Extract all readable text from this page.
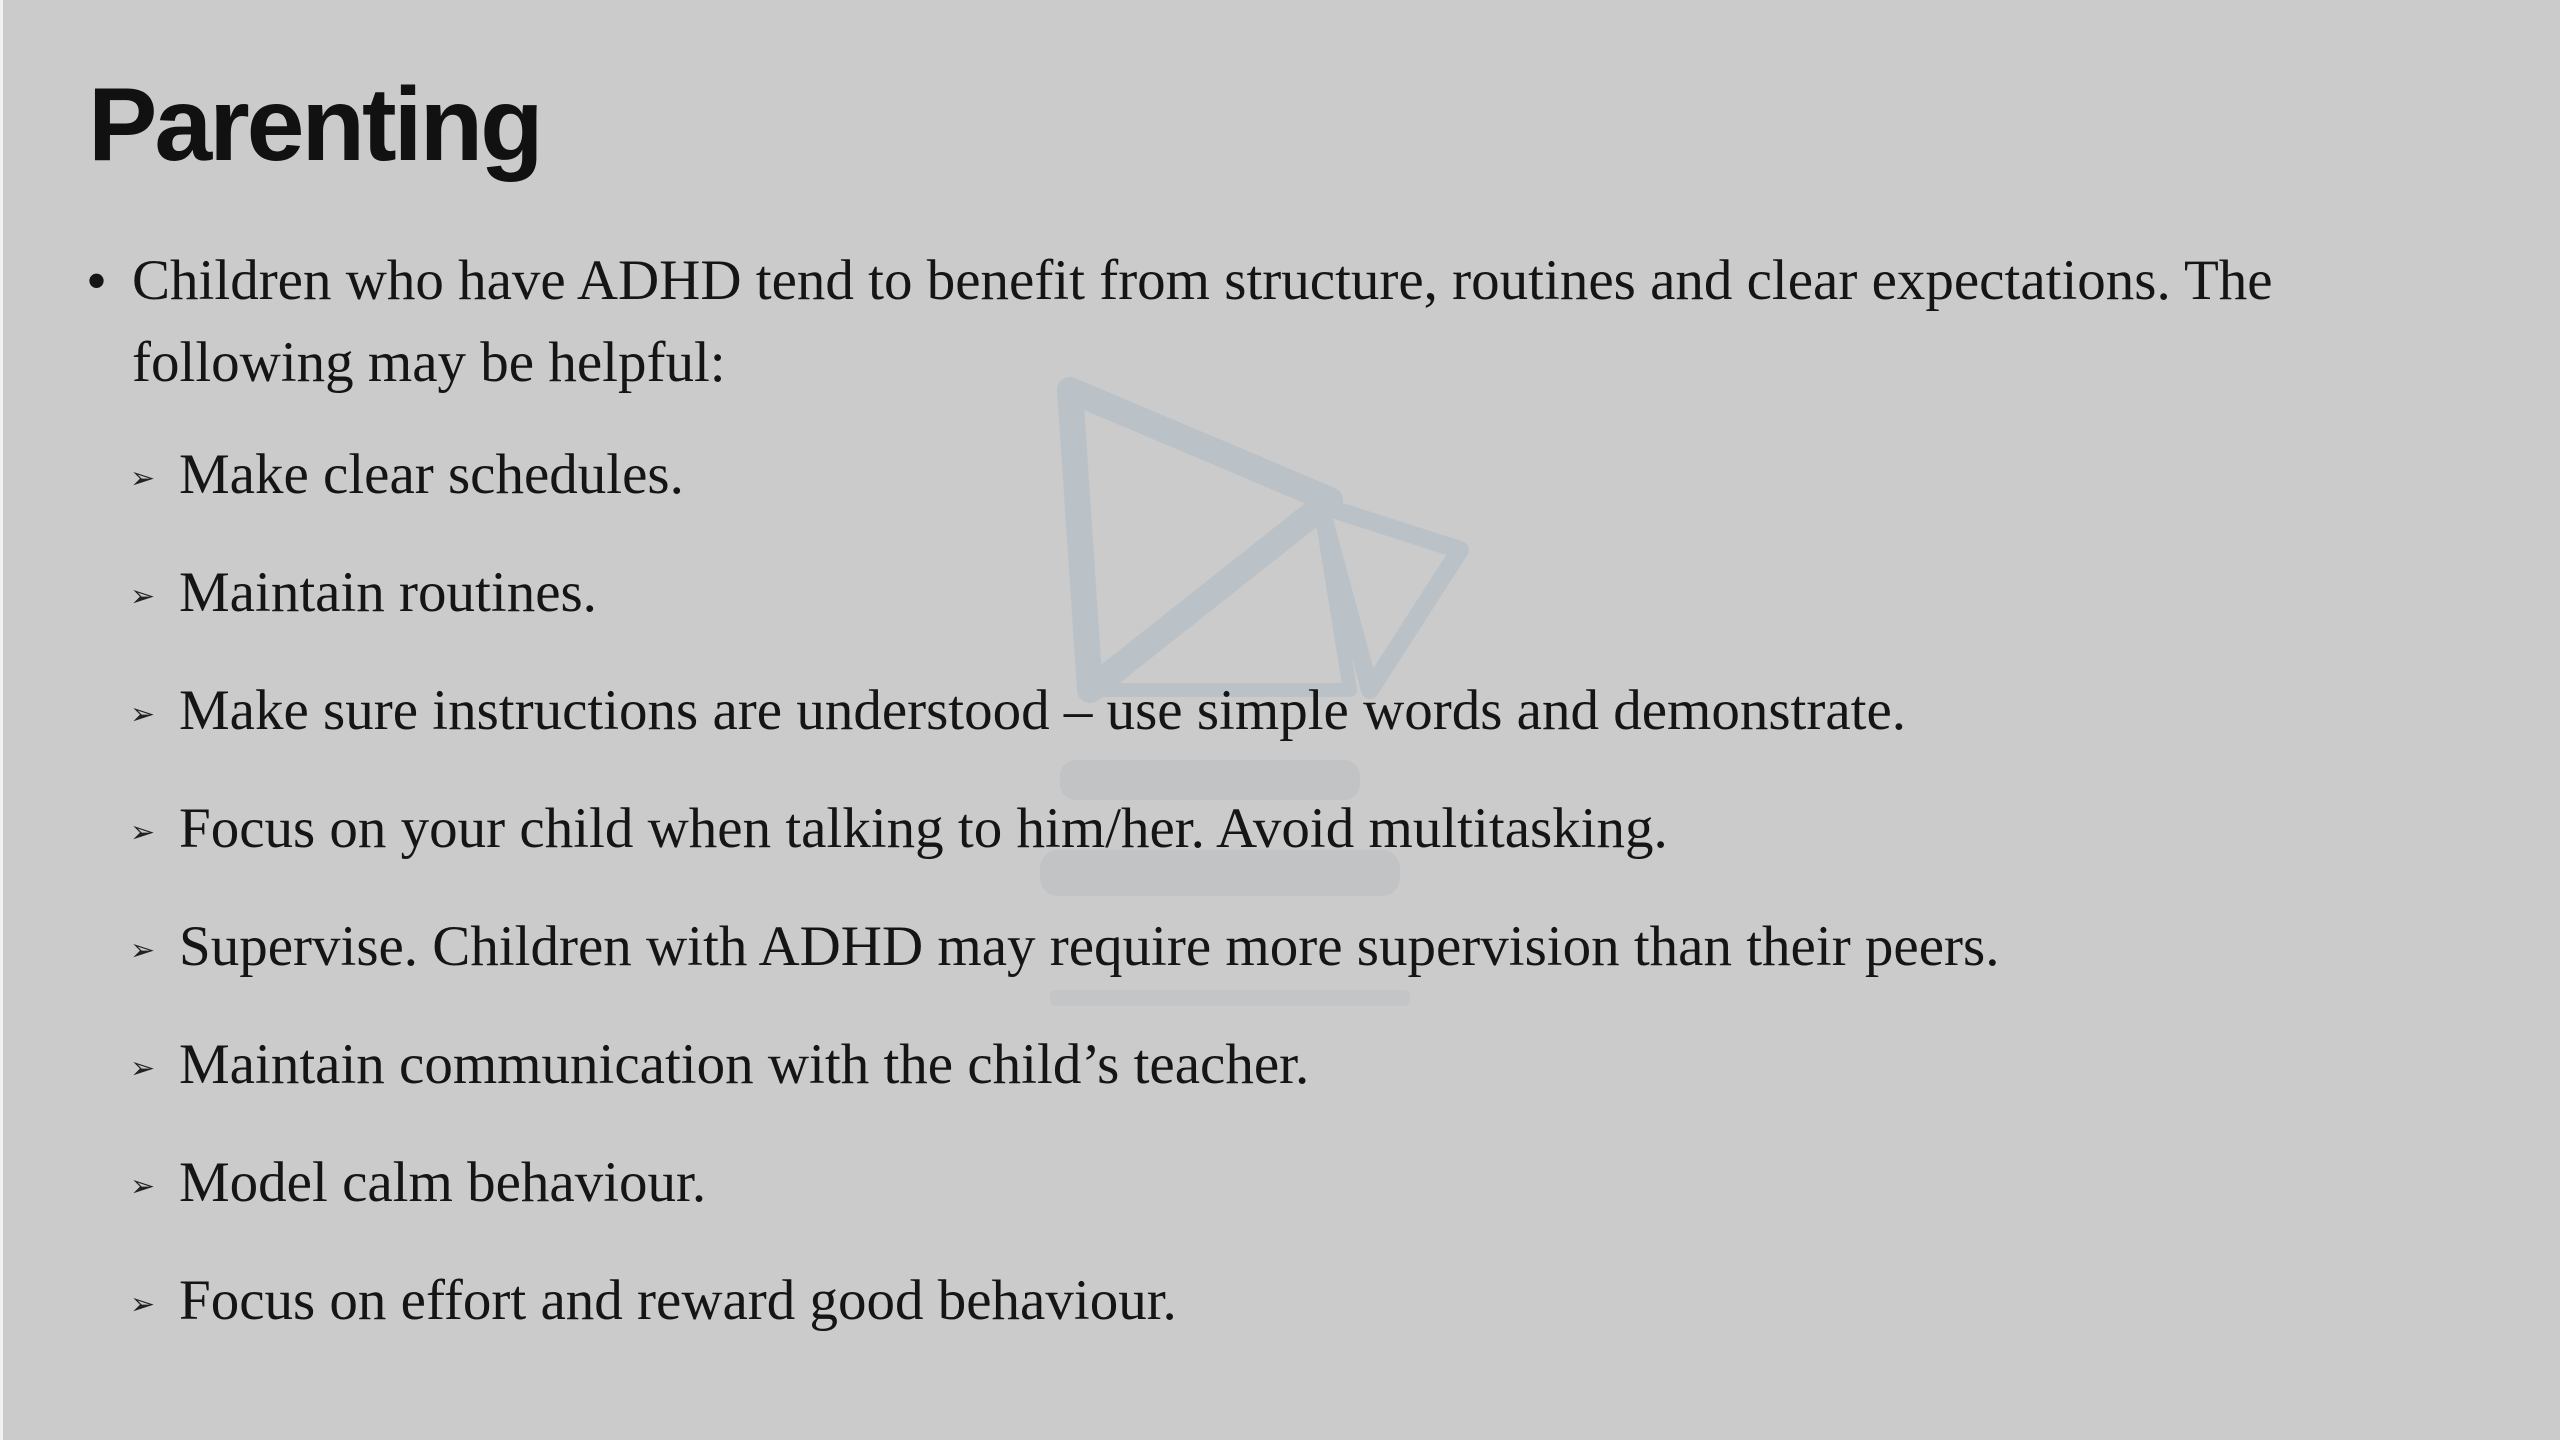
Parenting

• Children who have ADHD tend to benefit from structure, routines and clear expectations. The following may be helpful:

➢ Make clear schedules.
➢ Maintain routines.
➢ Make sure instructions are understood – use simple words and demonstrate.
➢ Focus on your child when talking to him/her. Avoid multitasking.
➢ Supervise. Children with ADHD may require more supervision than their peers.
➢ Maintain communication with the child’s teacher.
➢ Model calm behaviour.
➢ Focus on effort and reward good behaviour.
